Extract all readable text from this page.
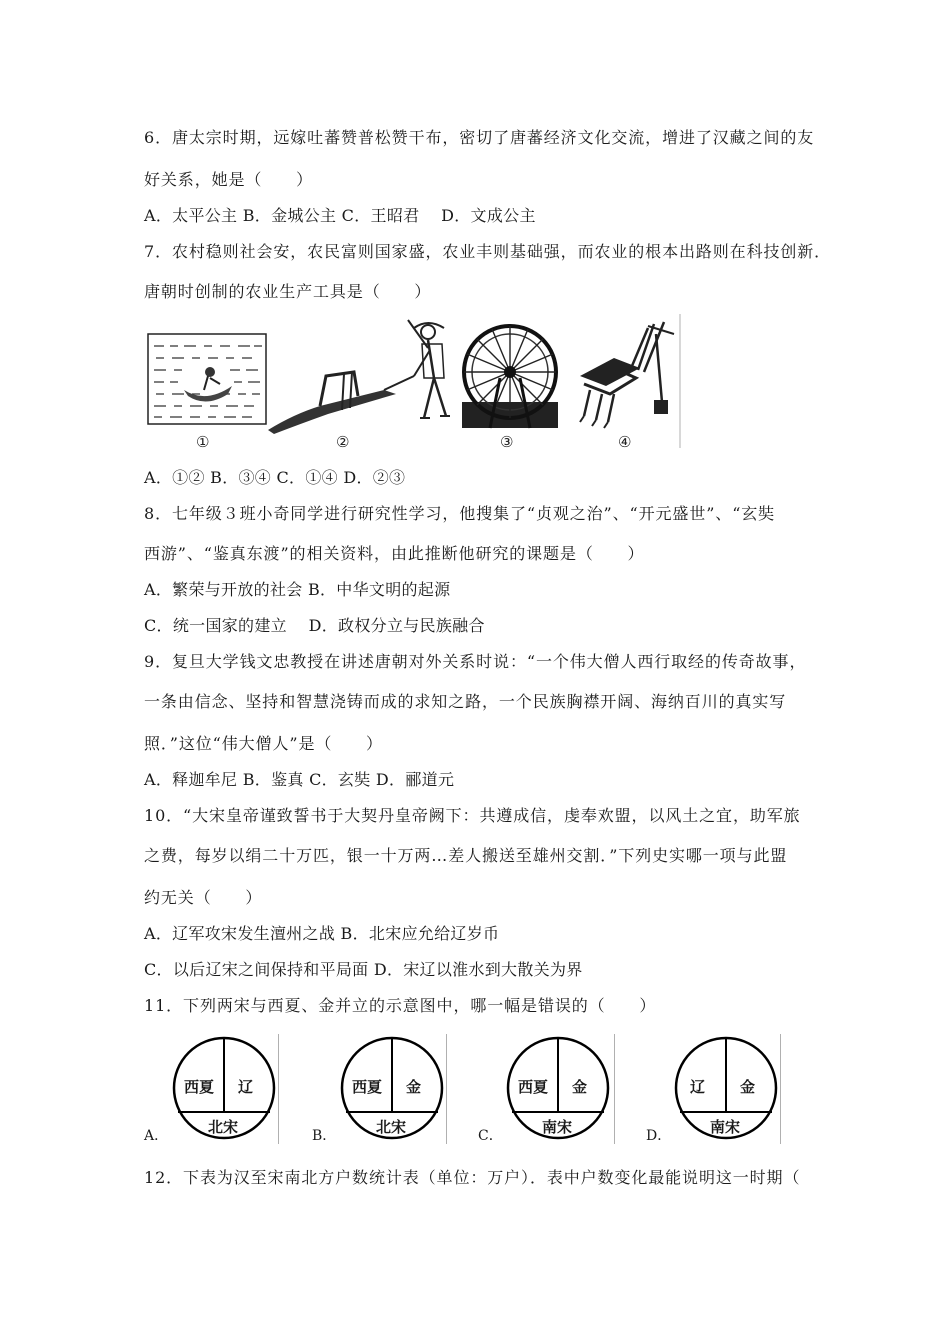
6．唐太宗时期，远嫁吐蕃赞普松赞干布，密切了唐蕃经济文化交流，增进了汉藏之间的友
好关系，她是（　　）
A．太平公主 B．金城公主 C．王昭君　 D．文成公主
7．农村稳则社会安，农民富则国家盛，农业丰则基础强，而农业的根本出路则在科技创新．
唐朝时创制的农业生产工具是（　　）
①	②	③	④
A．①② B．③④ C．①④ D．②③
8．七年级３班小奇同学进行研究性学习，他搜集了“贞观之治”、“开元盛世”、“玄奘
西游”、“鉴真东渡”的相关资料，由此推断他研究的课题是（　　）
A．繁荣与开放的社会 B．中华文明的起源
C．统一国家的建立　 D．政权分立与民族融合
9．复旦大学钱文忠教授在讲述唐朝对外关系时说：“一个伟大僧人西行取经的传奇故事，
一条由信念、坚持和智慧浇铸而成的求知之路，一个民族胸襟开阔、海纳百川的真实写
照．”这位“伟大僧人”是（　　）
A．释迦牟尼 B．鉴真 C．玄奘 D．郦道元
10．“大宋皇帝谨致誓书于大契丹皇帝阙下：共遵成信，虔奉欢盟，以风土之宜，助军旅
之费，每岁以绢二十万匹，银一十万两…差人搬送至雄州交割．”下列史实哪一项与此盟
约无关（　　）
A．辽军攻宋发生澶州之战 B．北宋应允给辽岁币
C．以后辽宋之间保持和平局面 D．宋辽以淮水到大散关为界
11．下列两宋与西夏、金并立的示意图中，哪一幅是错误的（　　）
A．
西夏 辽
北宋	B．
西夏 金
北宋	C．
西夏 金
南宋	D．
辽 金
南宋
12．下表为汉至宋南北方户数统计表（单位：万户）．表中户数变化最能说明这一时期（
